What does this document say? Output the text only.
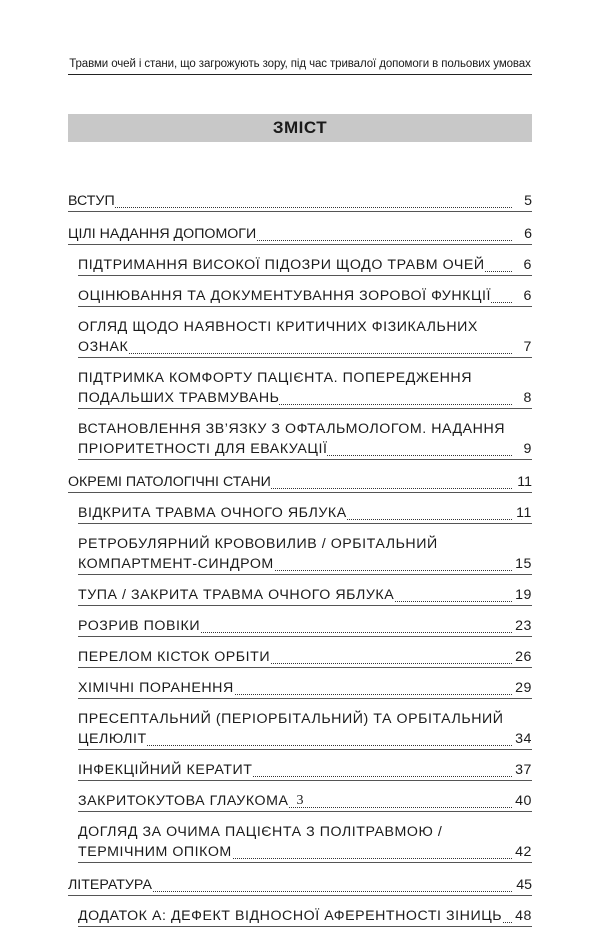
Травми очей і стани, що загрожують зору, під час тривалої допомоги в польових умовах
ЗМІСТ
ВСТУП	5
ЦІЛІ НАДАННЯ ДОПОМОГИ	6
ПІДТРИМАННЯ ВИСОКОЇ ПІДОЗРИ ЩОДО ТРАВМ ОЧЕЙ	6
ОЦІНЮВАННЯ ТА ДОКУМЕНТУВАННЯ ЗОРОВОЇ ФУНКЦІЇ 6
ОГЛЯД ЩОДО НАЯВНОСТІ КРИТИЧНИХ ФІЗИКАЛЬНИХ
ОЗНАК	7
ПІДТРИМКА КОМФОРТУ ПАЦІЄНТА. ПОПЕРЕДЖЕННЯ
ПОДАЛЬШИХ ТРАВМУВАНЬ	8
ВСТАНОВЛЕННЯ ЗВ’ЯЗКУ З ОФТАЛЬМОЛОГОМ. НАДАННЯ
ПРІОРИТЕТНОСТІ ДЛЯ ЕВАКУАЦІЇ	9
ОКРЕМІ ПАТОЛОГІЧНІ СТАНИ	11
ВІДКРИТА ТРАВМА ОЧНОГО ЯБЛУКА	11
РЕТРОБУЛЯРНИЙ КРОВОВИЛИВ / ОРБІТАЛЬНИЙ
КОМПАРТМЕНТ-СИНДРОМ	15
ТУПА / ЗАКРИТА ТРАВМА ОЧНОГО ЯБЛУКА	19
РОЗРИВ ПОВІКИ	23
ПЕРЕЛОМ КІСТОК ОРБІТИ	26
ХІМІЧНІ ПОРАНЕННЯ	29
ПРЕСЕПТАЛЬНИЙ (ПЕРІОРБІТАЛЬНИЙ) ТА ОРБІТАЛЬНИЙ
ЦЕЛЮЛІТ	34
ІНФЕКЦІЙНИЙ КЕРАТИТ	37
ЗАКРИТОКУТОВА ГЛАУКОМА	40
ДОГЛЯД ЗА ОЧИМА ПАЦІЄНТА З ПОЛІТРАВМОЮ /
ТЕРМІЧНИМ ОПІКОМ	42
ЛІТЕРАТУРА	45
ДОДАТОК А: ДЕФЕКТ ВІДНОСНОЇ АФЕРЕНТНОСТІ ЗІНИЦЬ 48
3
